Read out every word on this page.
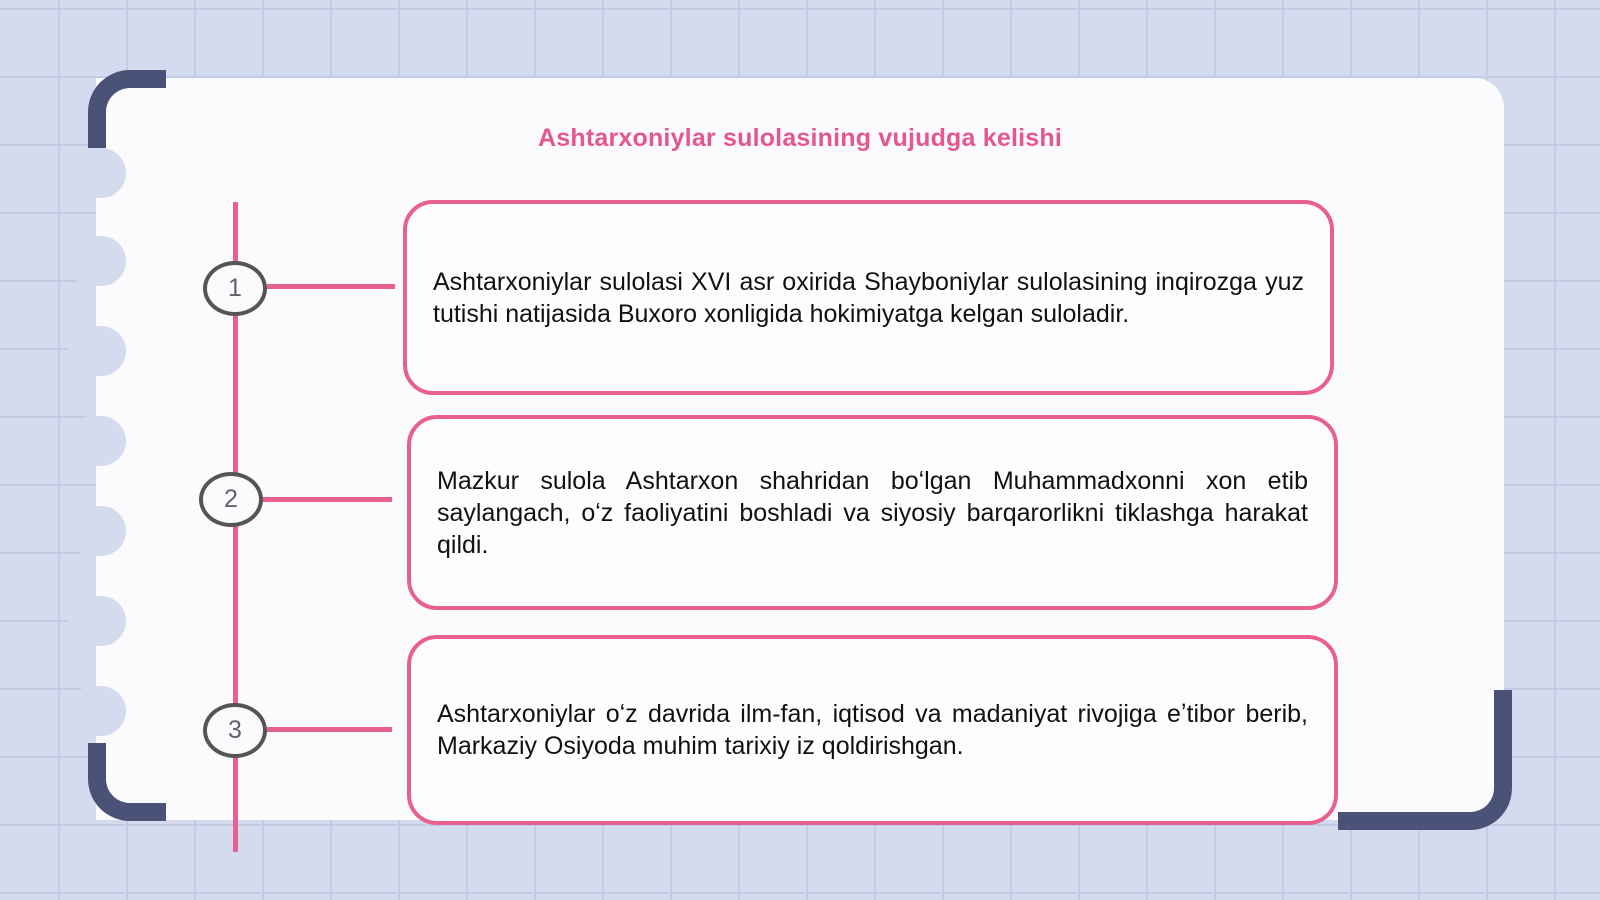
Ashtarxoniylar sulolasining vujudga kelishi
1	Ashtarxoniylar sulolasi XVI asr oxirida Shayboniylar sulolasining inqirozga yuz tutishi natijasida Buxoro xonligida hokimiyatga kelgan suloladir.

2

Mazkur sulola Ashtarxon shahridan boʻlgan Muhammadxonni xon etib saylangach, oʻz faoliyatini boshladi va siyosiy barqarorlikni tiklashga harakat qildi.

3

Ashtarxoniylar oʻz davrida ilm-fan, iqtisod va madaniyat rivojiga eʼtibor berib, Markaziy Osiyoda muhim tarixiy iz qoldirishgan.
